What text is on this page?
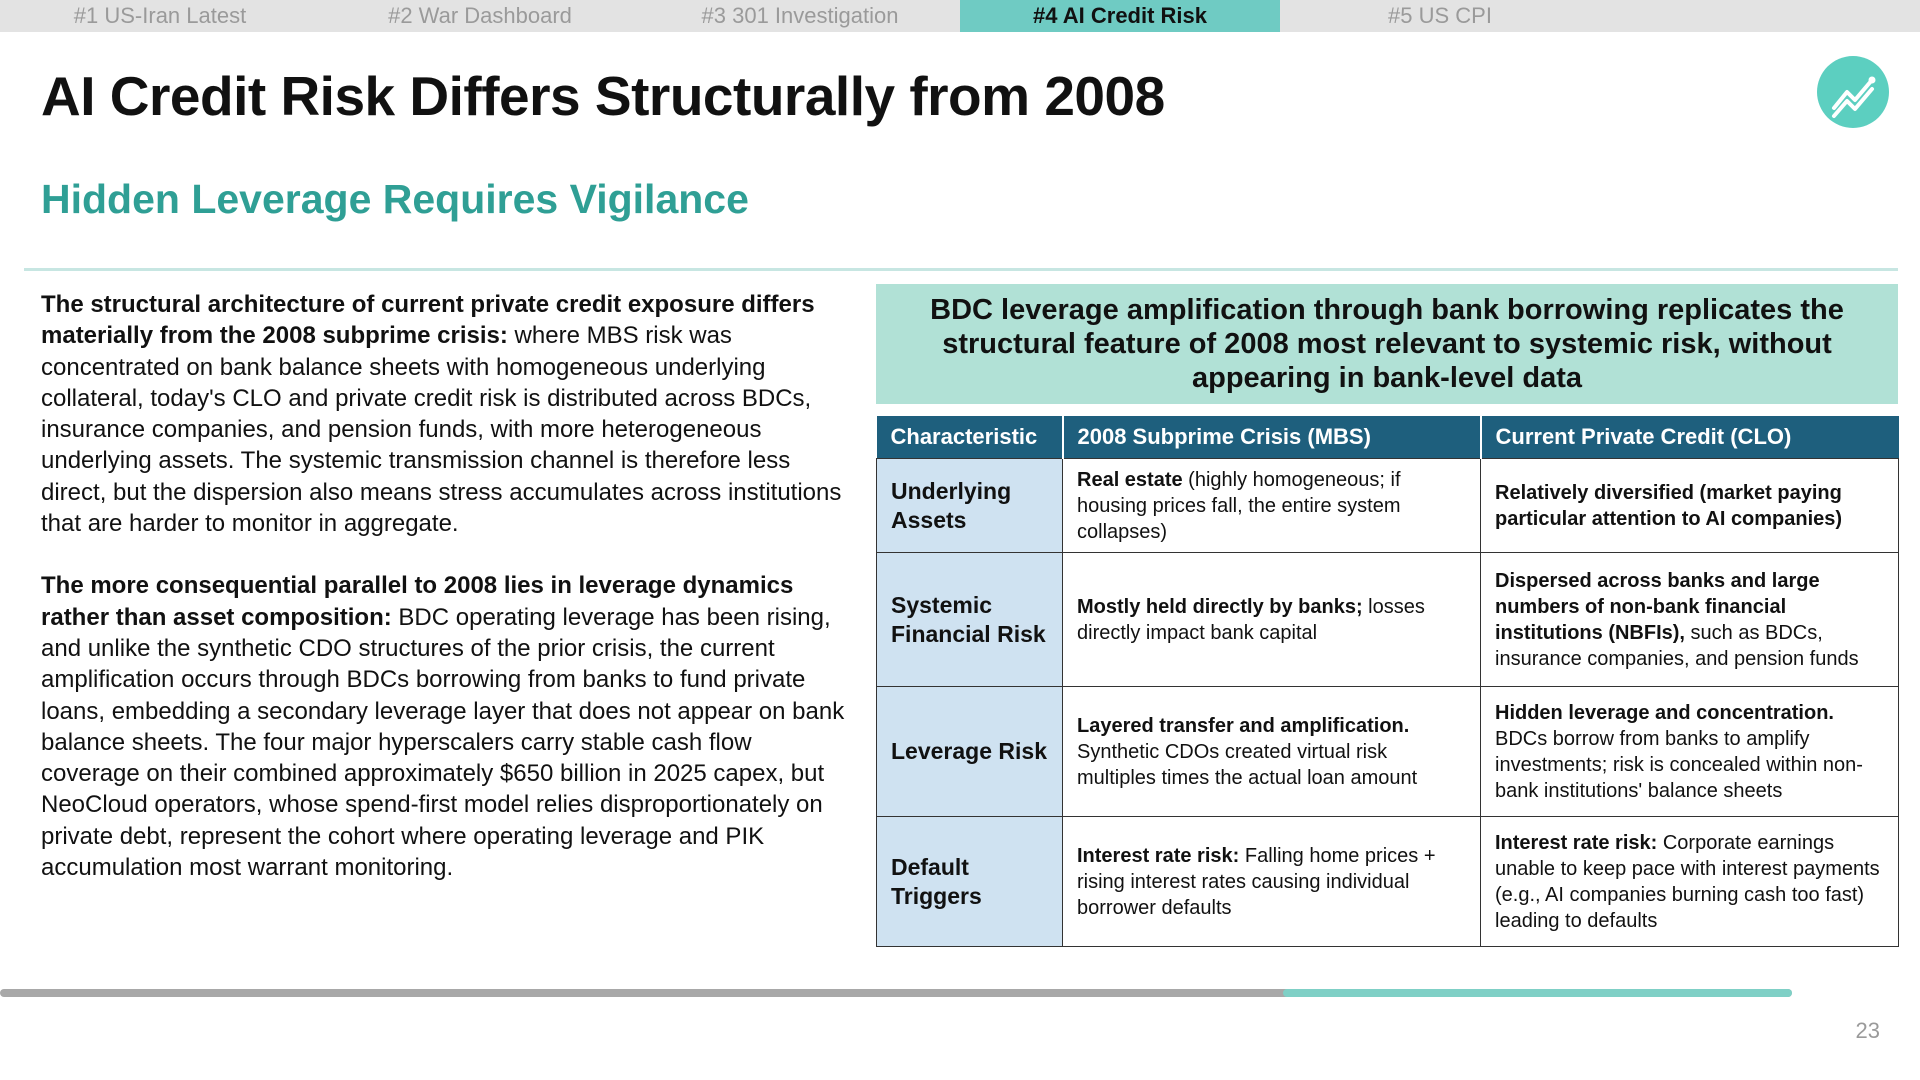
#1 US-Iran Latest	#2 War Dashboard	#3 301 Investigation	#4 AI Credit Risk	#5 US CPI
AI Credit Risk Differs Structurally from 2008
Hidden Leverage Requires Vigilance

The structural architecture of current private credit exposure differs materially from the 2008 subprime crisis: where MBS risk was concentrated on bank balance sheets with homogeneous underlying collateral, today's CLO and private credit risk is distributed across BDCs, insurance companies, and pension funds, with more heterogeneous underlying assets. The systemic transmission channel is therefore less direct, but the dispersion also means stress accumulates across institutions that are harder to monitor in aggregate.

The more consequential parallel to 2008 lies in leverage dynamics rather than asset composition: BDC operating leverage has been rising, and unlike the synthetic CDO structures of the prior crisis, the current amplification occurs through BDCs borrowing from banks to fund private loans, embedding a secondary leverage layer that does not appear on bank balance sheets. The four major hyperscalers carry stable cash flow coverage on their combined approximately $650 billion in 2025 capex, but NeoCloud operators, whose spend-first model relies disproportionately on private debt, represent the cohort where operating leverage and PIK accumulation most warrant monitoring.

BDC leverage amplification through bank borrowing replicates the structural feature of 2008 most relevant to systemic risk, without appearing in bank-level data
Characteristic	2008 Subprime Crisis (MBS)	Current Private Credit (CLO)
Underlying Assets	Real estate (highly homogeneous; if housing prices fall, the entire system collapses)	Relatively diversified (market paying particular attention to AI companies)
Systemic Financial Risk	Mostly held directly by banks; losses directly impact bank capital	Dispersed across banks and large numbers of non-bank financial institutions (NBFIs), such as BDCs, insurance companies, and pension funds
Leverage Risk	Layered transfer and amplification. Synthetic CDOs created virtual risk multiples times the actual loan amount	Hidden leverage and concentration. BDCs borrow from banks to amplify investments; risk is concealed within non-bank institutions' balance sheets
Default Triggers	Interest rate risk: Falling home prices + rising interest rates causing individual borrower defaults	Interest rate risk: Corporate earnings unable to keep pace with interest payments (e.g., AI companies burning cash too fast) leading to defaults
23
